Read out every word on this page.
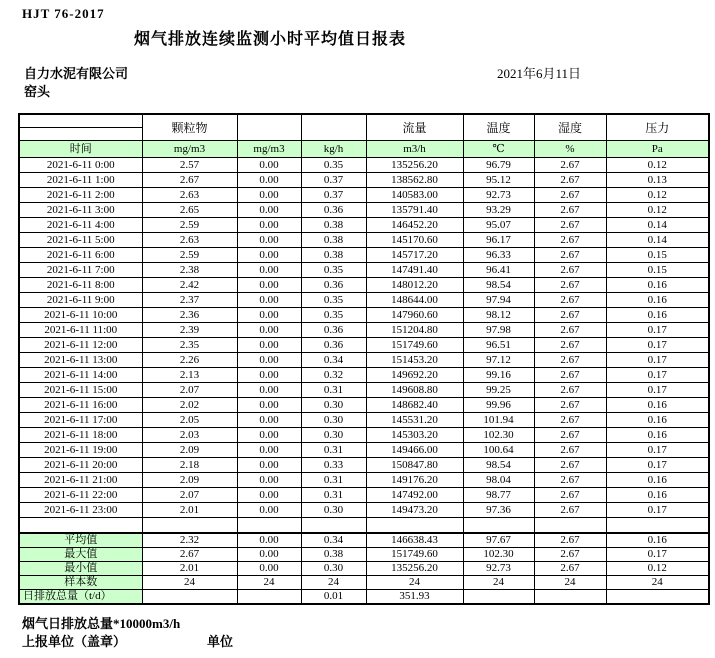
HJT 76-2017
烟气排放连续监测小时平均值日报表
自力水泥有限公司
窑头
2021年6月11日
	颗粒物			流量	温度	湿度	压力

时间	mg/m3	mg/m3	kg/h	m3/h	℃	%	Pa
2021-6-11 0:00	2.57	0.00	0.35	135256.20	96.79	2.67	0.12
2021-6-11 1:00	2.67	0.00	0.37	138562.80	95.12	2.67	0.13
2021-6-11 2:00	2.63	0.00	0.37	140583.00	92.73	2.67	0.12
2021-6-11 3:00	2.65	0.00	0.36	135791.40	93.29	2.67	0.12
2021-6-11 4:00	2.59	0.00	0.38	146452.20	95.07	2.67	0.14
2021-6-11 5:00	2.63	0.00	0.38	145170.60	96.17	2.67	0.14
2021-6-11 6:00	2.59	0.00	0.38	145717.20	96.33	2.67	0.15
2021-6-11 7:00	2.38	0.00	0.35	147491.40	96.41	2.67	0.15
2021-6-11 8:00	2.42	0.00	0.36	148012.20	98.54	2.67	0.16
2021-6-11 9:00	2.37	0.00	0.35	148644.00	97.94	2.67	0.16
2021-6-11 10:00	2.36	0.00	0.35	147960.60	98.12	2.67	0.16
2021-6-11 11:00	2.39	0.00	0.36	151204.80	97.98	2.67	0.17
2021-6-11 12:00	2.35	0.00	0.36	151749.60	96.51	2.67	0.17
2021-6-11 13:00	2.26	0.00	0.34	151453.20	97.12	2.67	0.17
2021-6-11 14:00	2.13	0.00	0.32	149692.20	99.16	2.67	0.17
2021-6-11 15:00	2.07	0.00	0.31	149608.80	99.25	2.67	0.17
2021-6-11 16:00	2.02	0.00	0.30	148682.40	99.96	2.67	0.16
2021-6-11 17:00	2.05	0.00	0.30	145531.20	101.94	2.67	0.16
2021-6-11 18:00	2.03	0.00	0.30	145303.20	102.30	2.67	0.16
2021-6-11 19:00	2.09	0.00	0.31	149466.00	100.64	2.67	0.17
2021-6-11 20:00	2.18	0.00	0.33	150847.80	98.54	2.67	0.17
2021-6-11 21:00	2.09	0.00	0.31	149176.20	98.04	2.67	0.16
2021-6-11 22:00	2.07	0.00	0.31	147492.00	98.77	2.67	0.16
2021-6-11 23:00	2.01	0.00	0.30	149473.20	97.36	2.67	0.17

平均值	2.32	0.00	0.34	146638.43	97.67	2.67	0.16
最大值	2.67	0.00	0.38	151749.60	102.30	2.67	0.17
最小值	2.01	0.00	0.30	135256.20	92.73	2.67	0.12
样本数	24	24	24	24	24	24	24
日排放总量（t/d）			0.01	351.93			
烟气日排放总量*10000m3/h
上报单位（盖章）	单位
